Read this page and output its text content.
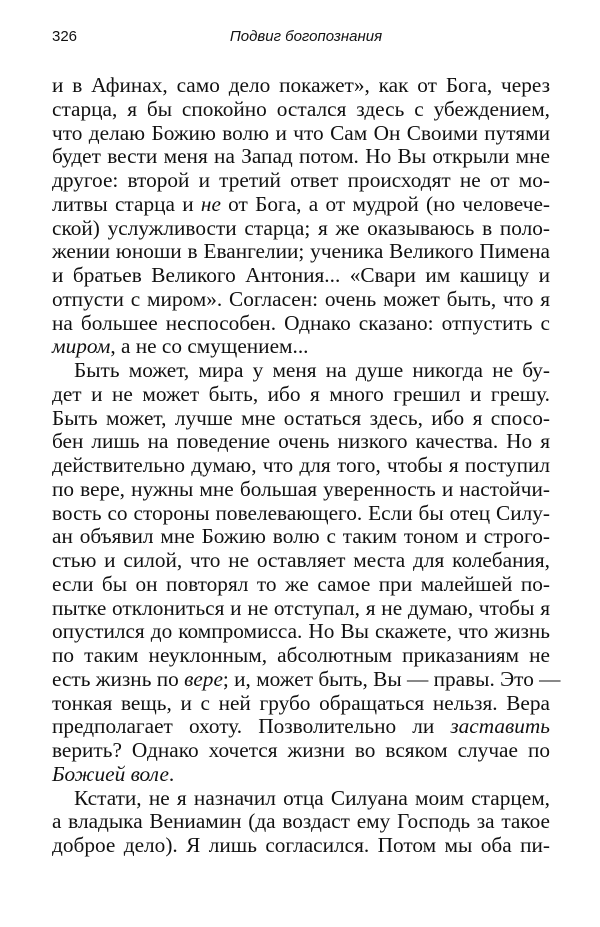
326	Подвиг богопознания
и в Афинах, само дело покажет», как от Бога, через
старца, я бы спокойно остался здесь с убеждением,
что делаю Божию волю и что Сам Он Своими путями
будет вести меня на Запад потом. Но Вы открыли мне
другое: второй и третий ответ происходят не от мо-
литвы старца и не от Бога, а от мудрой (но человече-
ской) услужливости старца; я же оказываюсь в поло-
жении юноши в Евангелии; ученика Великого Пимена
и братьев Великого Антония... «Свари им кашицу и
отпусти с миром». Согласен: очень может быть, что я
на большее неспособен. Однако сказано: отпустить с
миром, а не со смущением...
Быть может, мира у меня на душе никогда не бу-
дет и не может быть, ибо я много грешил и грешу.
Быть может, лучше мне остаться здесь, ибо я спосо-
бен лишь на поведение очень низкого качества. Но я
действительно думаю, что для того, чтобы я поступил
по вере, нужны мне большая уверенность и настойчи-
вость со стороны повелевающего. Если бы отец Силу-
ан объявил мне Божию волю с таким тоном и строго-
стью и силой, что не оставляет места для колебания,
если бы он повторял то же самое при малейшей по-
пытке отклониться и не отступал, я не думаю, чтобы я
опустился до компромисса. Но Вы скажете, что жизнь
по таким неуклонным, абсолютным приказаниям не
есть жизнь по вере; и, может быть, Вы — правы. Это —
тонкая вещь, и с ней грубо обращаться нельзя. Вера
предполагает охоту. Позволительно ли заставить
верить? Однако хочется жизни во всяком случае по
Божией воле.
Кстати, не я назначил отца Силуана моим старцем,
а владыка Вениамин (да воздаст ему Господь за такое
доброе дело). Я лишь согласился. Потом мы оба пи-
